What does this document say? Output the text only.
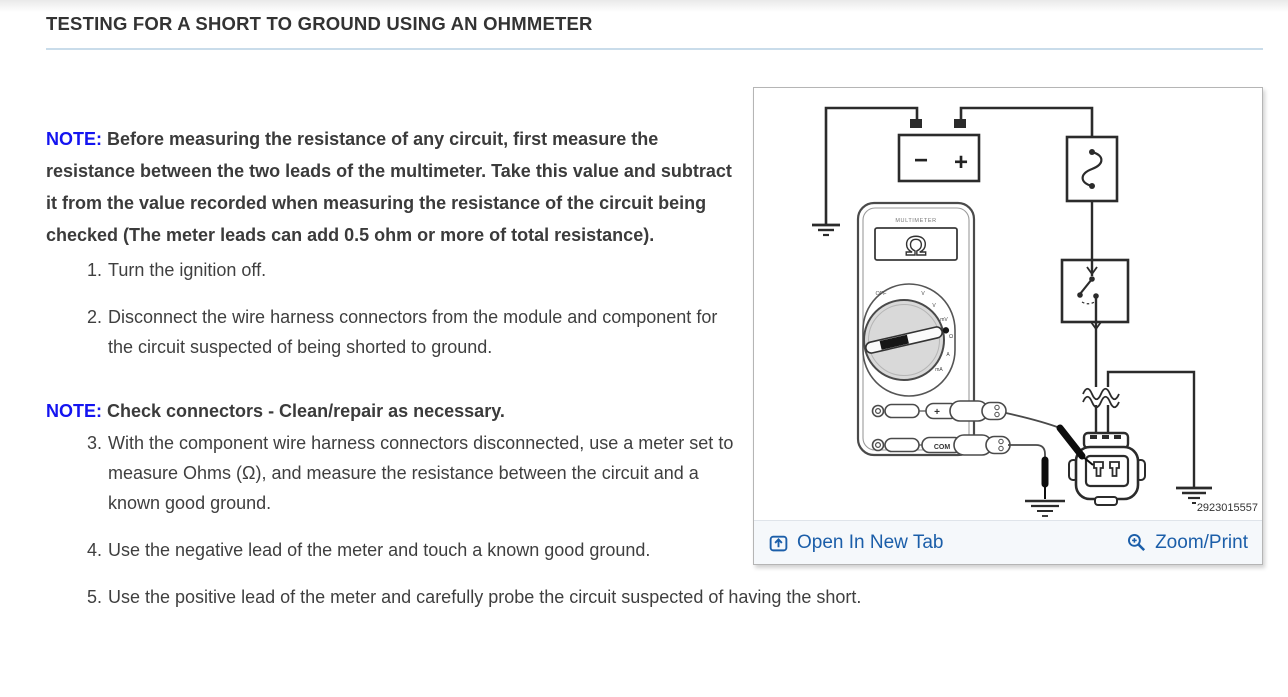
TESTING FOR A SHORT TO GROUND USING AN OHMMETER
− +
MULTIMETER
Ω
OFF	V
V
mV
Ω
A
mA
+
COM
2923015557
Open In New Tab	Zoom/Print

NOTE: Before measuring the resistance of any circuit, first measure the resistance between the two leads of the multimeter. Take this value and subtract it from the value recorded when measuring the resistance of the circuit being checked (The meter leads can add 0.5 ohm or more of total resistance).

1. Turn the ignition off.
2. Disconnect the wire harness connectors from the module and component for the circuit suspected of being shorted to ground.

NOTE: Check connectors - Clean/repair as necessary.

3. With the component wire harness connectors disconnected, use a meter set to measure Ohms (Ω), and measure the resistance between the circuit and a known good ground.
4. Use the negative lead of the meter and touch a known good ground.
5. Use the positive lead of the meter and carefully probe the circuit suspected of having the short.
